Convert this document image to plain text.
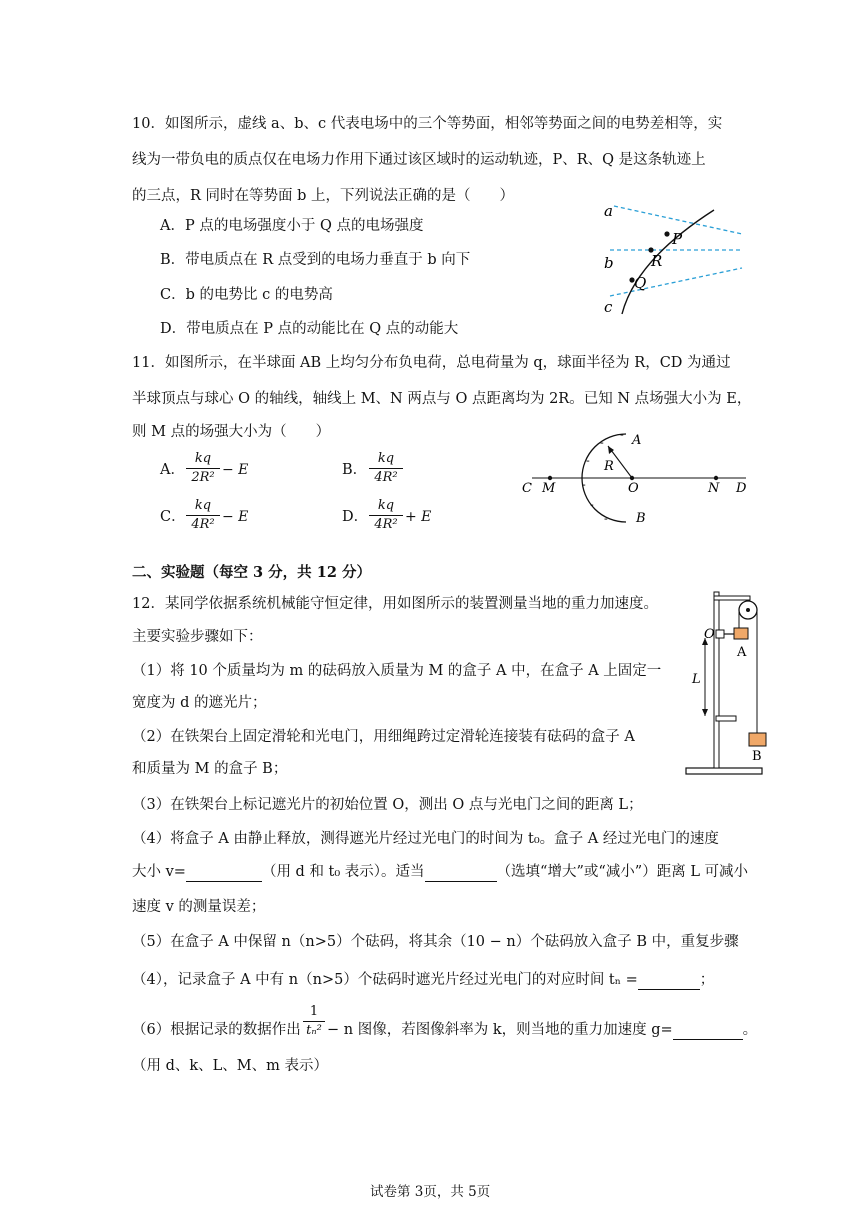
10．如图所示，虚线 a、b、c 代表电场中的三个等势面，相邻等势面之间的电势差相等，实
线为一带负电的质点仅在电场力作用下通过该区域时的运动轨迹，P、R、Q 是这条轨迹上
的三点，R 同时在等势面 b 上，下列说法正确的是（　　）
A．P 点的电场强度小于 Q 点的电场强度
B．带电质点在 R 点受到的电场力垂直于 b 向下
C．b 的电势比 c 的电势高
D．带电质点在 P 点的动能比在 Q 点的动能大
a
b
c
P
R
Q
11．如图所示，在半球面 AB 上均匀分布负电荷，总电荷量为 q，球面半径为 R，CD 为通过
半球顶点与球心 O 的轴线，轴线上 M、N 两点与 O 点距离均为 2R。已知 N 点场强大小为 E，
则 M 点的场强大小为（　　）
A．
kq
2R² − E	B．
kq
4R²
C．
kq
4R² − E	D．
kq
4R² + E
-
-
-
-
-
-
A
B
R
C M	O	N D
二、实验题（每空 3 分，共 12 分）
12．某同学依据系统机械能守恒定律，用如图所示的装置测量当地的重力加速度。
主要实验步骤如下：
（1）将 10 个质量均为 m 的砝码放入质量为 M 的盒子 A 中，在盒子 A 上固定一
宽度为 d 的遮光片；
（2）在铁架台上固定滑轮和光电门，用细绳跨过定滑轮连接装有砝码的盒子 A
和质量为 M 的盒子 B；
（3）在铁架台上标记遮光片的初始位置 O，测出 O 点与光电门之间的距离 L；
（4）将盒子 A 由静止释放，测得遮光片经过光电门的时间为 t₀。盒子 A 经过光电门的速度
大小 v=	（用 d 和 t₀ 表示）。适当	（选填“增大”或“减小”）距离 L 可减小
速度 v 的测量误差；
（5）在盒子 A 中保留 n（n>5）个砝码，将其余（10 − n）个砝码放入盒子 B 中，重复步骤
（4），记录盒子 A 中有 n（n>5）个砝码时遮光片经过光电门的对应时间 tₙ =	；
（6）根据记录的数据作出
1
tₙ² − n 图像，若图像斜率为 k，则当地的重力加速度 g=	。
（用 d、k、L、M、m 表示）
O
L
A
B
试卷第 3页，共 5页
